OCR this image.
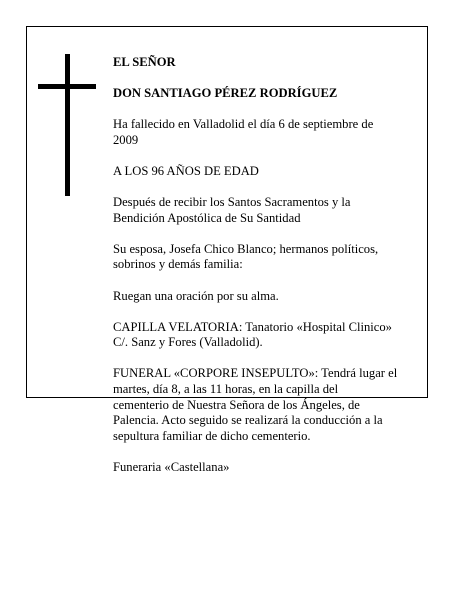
EL SEÑOR

DON SANTIAGO PÉREZ RODRÍGUEZ

Ha fallecido en Valladolid el día 6 de septiembre de
2009

A LOS 96 AÑOS DE EDAD

Después de recibir los Santos Sacramentos y la
Bendición Apostólica de Su Santidad

Su esposa, Josefa Chico Blanco; hermanos políticos,
sobrinos y demás familia:

Ruegan una oración por su alma.

CAPILLA VELATORIA: Tanatorio «Hospital Clinico»
C/. Sanz y Fores (Valladolid).

FUNERAL «CORPORE INSEPULTO»: Tendrá lugar el
martes, día 8, a las 11 horas, en la capilla del
cementerio de Nuestra Señora de los Ángeles, de
Palencia. Acto seguido se realizará la conducción a la
sepultura familiar de dicho cementerio.

Funeraria «Castellana»
